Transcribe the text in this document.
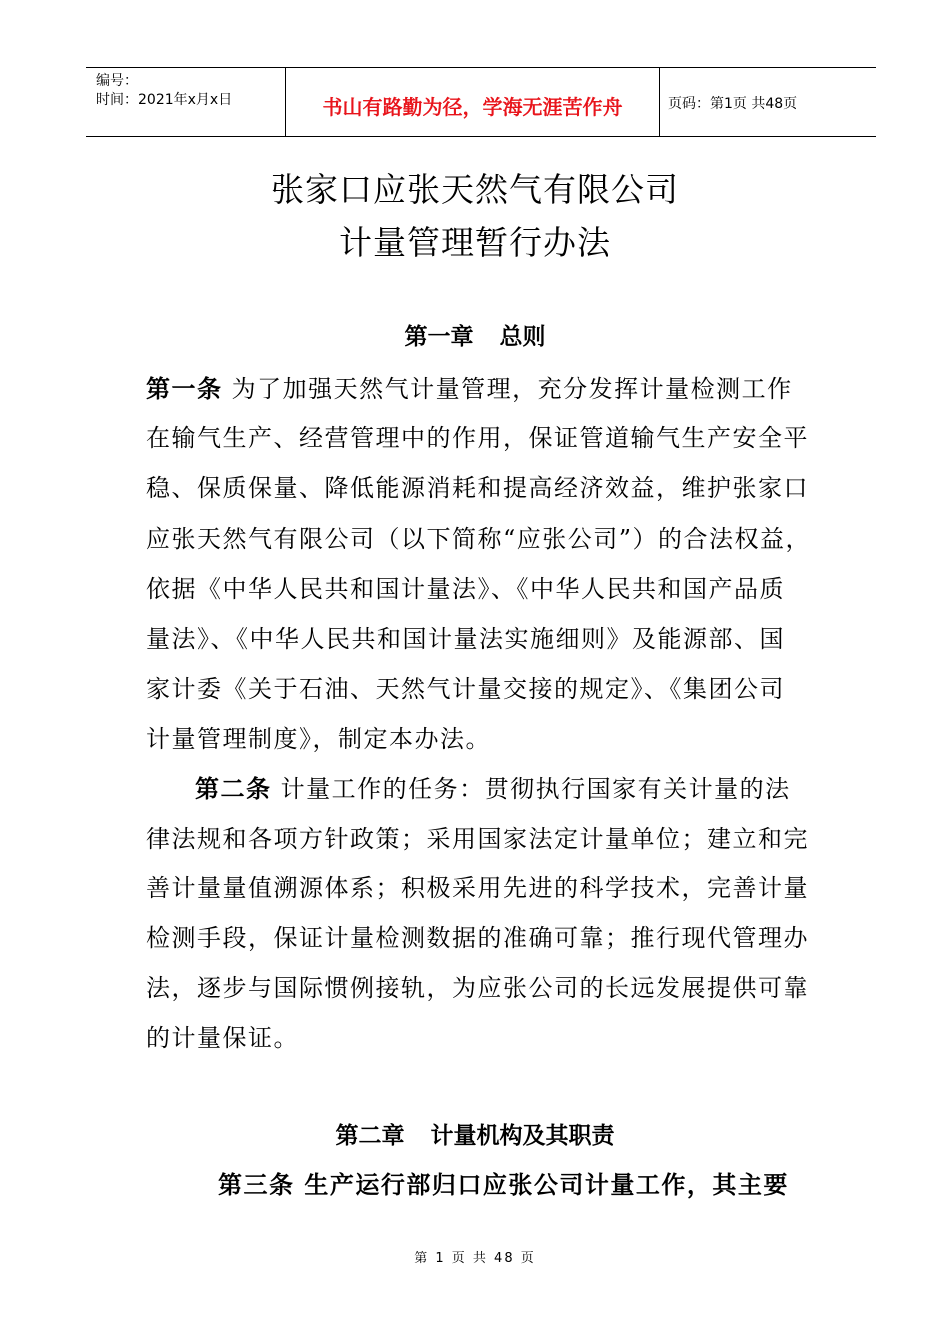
编号：
时间：2021年x月x日	书山有路勤为径，学海无涯苦作舟	页码：第1页 共48页
张家口应张天然气有限公司
计量管理暂行办法
第一章 总则
第一条 为了加强天然气计量管理，充分发挥计量检测工作
在输气生产、经营管理中的作用，保证管道输气生产安全平
稳、保质保量、降低能源消耗和提高经济效益，维护张家口
应张天然气有限公司（以下简称“应张公司”）的合法权益，
依据《中华人民共和国计量法》、《中华人民共和国产品质
量法》、《中华人民共和国计量法实施细则》及能源部、国
家计委《关于石油、天然气计量交接的规定》、《集团公司
计量管理制度》，制定本办法。
第二条 计量工作的任务：贯彻执行国家有关计量的法
律法规和各项方针政策；采用国家法定计量单位；建立和完
善计量量值溯源体系；积极采用先进的科学技术，完善计量
检测手段，保证计量检测数据的准确可靠；推行现代管理办
法，逐步与国际惯例接轨，为应张公司的长远发展提供可靠
的计量保证。
第二章 计量机构及其职责
第三条 生产运行部归口应张公司计量工作，其主要
第 1 页 共 48 页
